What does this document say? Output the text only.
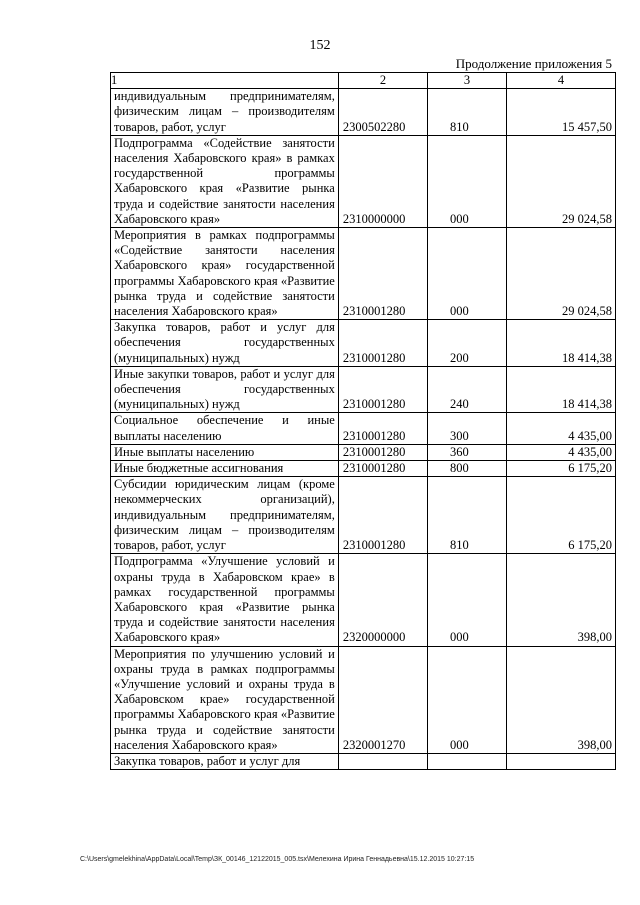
152
Продолжение приложения 5
1	2	3	4
индивидуальным предпринимателям, физическим лицам – производителям товаров, работ, услуг	2300502280	810	15 457,50
Подпрограмма «Содействие занятости населения Хабаровского края» в рамках государственной программы Хабаровского края «Развитие рынка труда и содействие занятости населения Хабаровского края»	2310000000	000	29 024,58
Мероприятия в рамках подпрограммы «Содействие занятости населения Хабаровского края» государственной программы Хабаровского края «Развитие рынка труда и содействие занятости населения Хабаровского края»	2310001280	000	29 024,58
Закупка товаров, работ и услуг для обеспечения государственных (муниципальных) нужд	2310001280	200	18 414,38
Иные закупки товаров, работ и услуг для обеспечения государственных (муниципальных) нужд	2310001280	240	18 414,38
Социальное обеспечение и иные выплаты населению	2310001280	300	4 435,00
Иные выплаты населению	2310001280	360	4 435,00
Иные бюджетные ассигнования	2310001280	800	6 175,20
Субсидии юридическим лицам (кроме некоммерческих организаций), индивидуальным предпринимателям, физическим лицам – производителям товаров, работ, услуг	2310001280	810	6 175,20
Подпрограмма «Улучшение условий и охраны труда в Хабаровском крае» в рамках государственной программы Хабаровского края «Развитие рынка труда и содействие занятости населения Хабаровского края»	2320000000	000	398,00
Мероприятия по улучшению условий и охраны труда в рамках подпрограммы «Улучшение условий и охраны труда в Хабаровском крае» государственной программы Хабаровского края «Развитие рынка труда и содействие занятости населения Хабаровского края»	2320001270	000	398,00
Закупка товаров, работ и услуг для			
C:\Users\gmelekhina\AppData\Local\Temp\ЗК_00146_12122015_005.tsx\Мелехина Ирина Геннадьевна\15.12.2015 10:27:15
